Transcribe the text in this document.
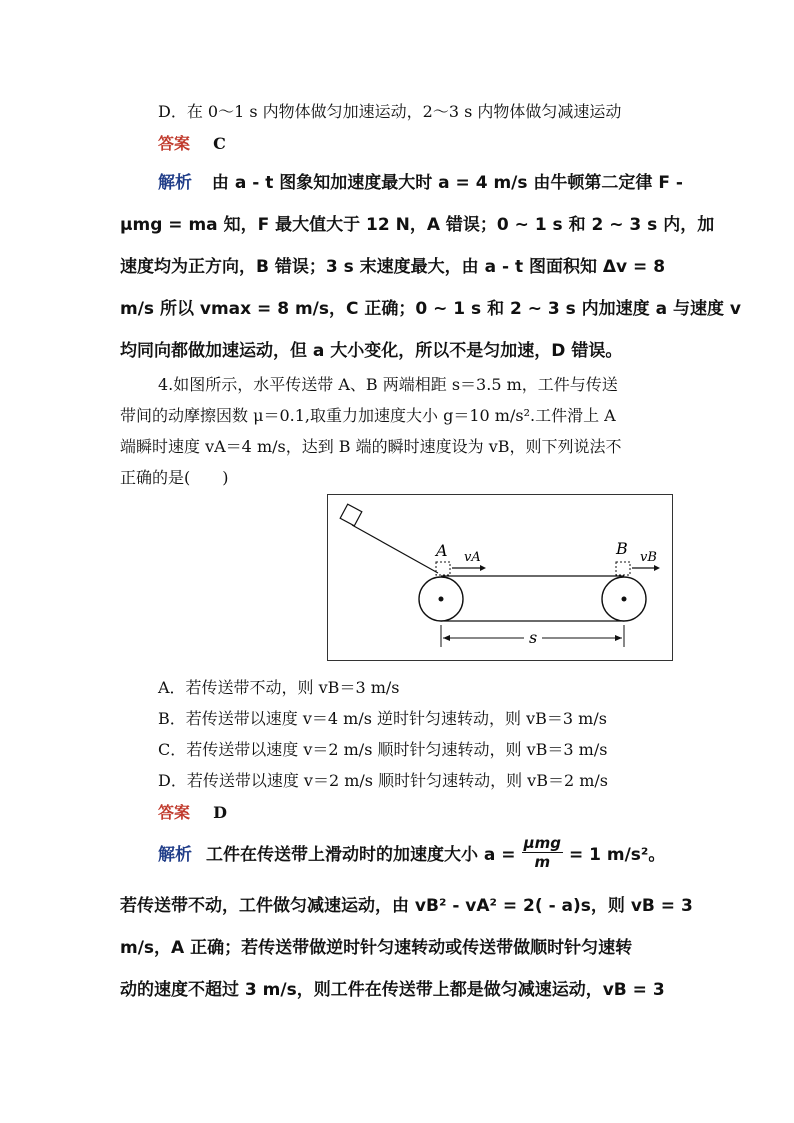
D．在 0～1 s 内物体做匀加速运动，2～3 s 内物体做匀减速运动
答案 C
解析 由 a - t 图象知加速度最大时 a = 4 m/s 由牛顿第二定律 F -
μmg = ma 知，F 最大值大于 12 N，A 错误；0 ~ 1 s 和 2 ~ 3 s 内，加
速度均为正方向，B 错误；3 s 末速度最大，由 a - t 图面积知 Δv = 8
m/s 所以 vmax = 8 m/s，C 正确；0 ~ 1 s 和 2 ~ 3 s 内加速度 a 与速度 v
均同向都做加速运动，但 a 大小变化，所以不是匀加速，D 错误。
4.如图所示，水平传送带 A、B 两端相距 s＝3.5 m，工件与传送
带间的动摩擦因数 μ＝0.1,取重力加速度大小 g＝10 m/s².工件滑上 A
端瞬时速度 vA＝4 m/s，达到 B 端的瞬时速度设为 vB，则下列说法不
正确的是(　　)
A vA	B vB
s
A．若传送带不动，则 vB＝3 m/s
B．若传送带以速度 v＝4 m/s 逆时针匀速转动，则 vB＝3 m/s
C．若传送带以速度 v＝2 m/s 顺时针匀速转动，则 vB＝3 m/s
D．若传送带以速度 v＝2 m/s 顺时针匀速转动，则 vB＝2 m/s
答案 D
解析 工件在传送带上滑动时的加速度大小 a =
μmg
m = 1 m/s²。
若传送带不动，工件做匀减速运动，由 vB² - vA² = 2( - a)s，则 vB = 3
m/s，A 正确；若传送带做逆时针匀速转动或传送带做顺时针匀速转
动的速度不超过 3 m/s，则工件在传送带上都是做匀减速运动，vB = 3
